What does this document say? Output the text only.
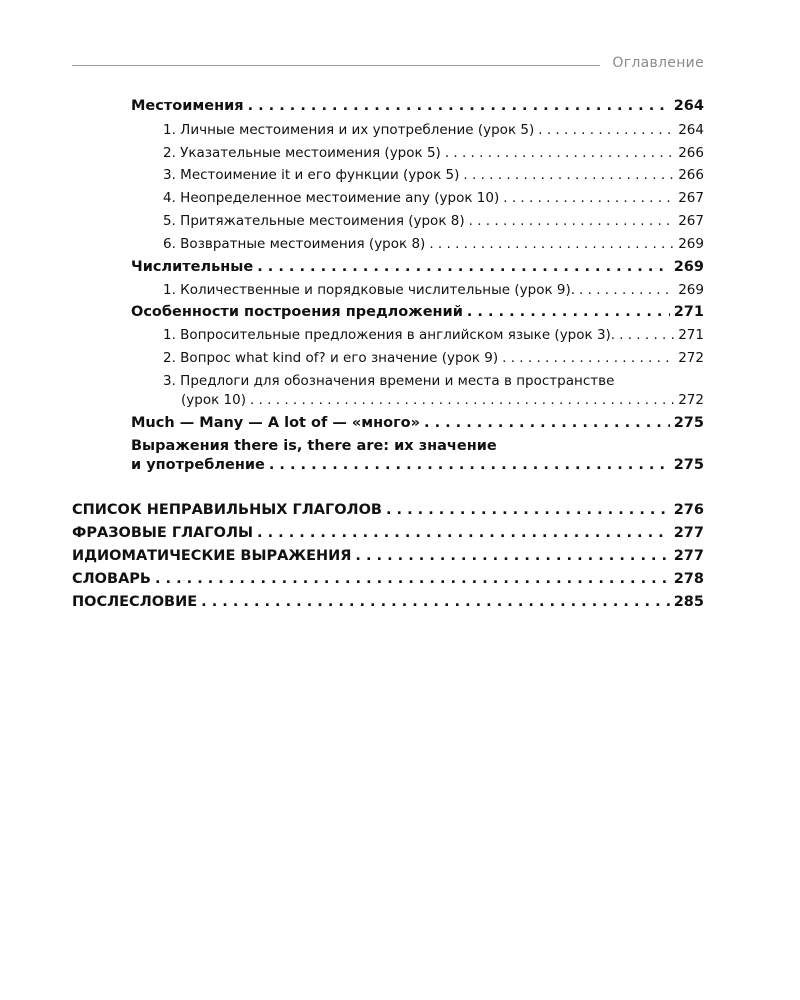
Оглавление
Местоимения . . .	264
1. Личные местоимения и их употребление (урок 5) . . .	264
2. Указательные местоимения (урок 5) . . .	266
3. Местоимение it и его функции (урок 5) . . .	266
4. Неопределенное местоимение any (урок 10) . . .	267
5. Притяжательные местоимения (урок 8) . . .	267
6. Возвратные местоимения (урок 8) . . .	269
Числительные . . .	269
1. Количественные и порядковые числительные (урок 9). . . .	269
Особенности построения предложений . . .	271
1. Вопросительные предложения в английском языке (урок 3). . . .	271
2. Вопрос what kind of? и его значение (урок 9) . . .	272
3. Предлоги для обозначения времени и места в пространстве
(урок 10) . . .	272
Much — Many — A lot of — «много» . . .	275
Выражения there is, there are: их значение
и употребление . . .	275
СПИСОК НЕПРАВИЛЬНЫХ ГЛАГОЛОВ . . .	276
ФРАЗОВЫЕ ГЛАГОЛЫ . . .	277
ИДИОМАТИЧЕСКИЕ ВЫРАЖЕНИЯ . . .	277
СЛОВАРЬ . . .	278
ПОСЛЕСЛОВИЕ . . .	285
